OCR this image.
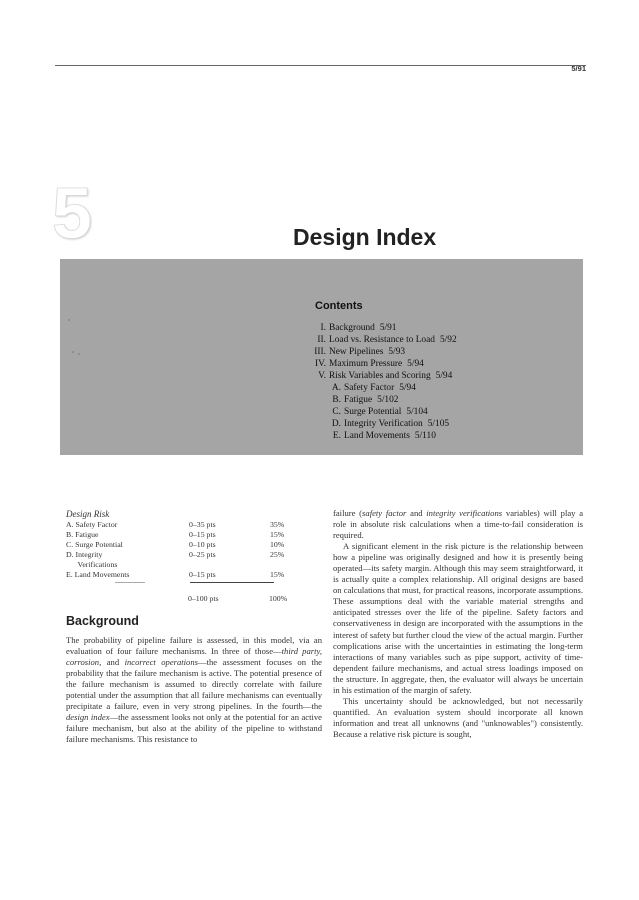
5/91
5	Design Index
Contents
I. Background 5/91
II. Load vs. Resistance to Load 5/92
III. New Pipelines 5/93
IV. Maximum Pressure 5/94
V. Risk Variables and Scoring 5/94
A. Safety Factor 5/94
B. Fatigue 5/102
C. Surge Potential 5/104
D. Integrity Verification 5/105
E. Land Movements 5/110
Design Risk
A. Safety Factor	0–35 pts	35%
B. Fatigue	0–15 pts	15%
C. Surge Potential	0–10 pts	10%
D. Integrity	0–25 pts	25%
Verifications
E. Land Movements	0–15 pts	15%
0–100 pts	100%
Background

The probability of pipeline failure is assessed, in this model, via an evaluation of four failure mechanisms. In three of those—third party, corrosion, and incorrect operations—the assessment focuses on the probability that the failure mechanism is active. The potential presence of the failure mechanism is assumed to directly correlate with failure potential under the assumption that all failure mechanisms can eventually precipitate a failure, even in very strong pipelines. In the fourth—the design index—the assessment looks not only at the potential for an active failure mechanism, but also at the ability of the pipeline to withstand failure mechanisms. This resistance to

failure (safety factor and integrity verifications variables) will play a role in absolute risk calculations when a time-to-fail consideration is required.

A significant element in the risk picture is the relationship between how a pipeline was originally designed and how it is presently being operated—its safety margin. Although this may seem straightforward, it is actually quite a complex relationship. All original designs are based on calculations that must, for practical reasons, incorporate assumptions. These assumptions deal with the variable material strengths and anticipated stresses over the life of the pipeline. Safety factors and conservativeness in design are incorporated with the assumptions in the interest of safety but further cloud the view of the actual margin. Further complications arise with the uncertainties in estimating the long-term interactions of many variables such as pipe support, activity of time-dependent failure mechanisms, and actual stress loadings imposed on the structure. In aggregate, then, the evaluator will always be uncertain in his estimation of the margin of safety.

This uncertainty should be acknowledged, but not necessarily quantified. An evaluation system should incorporate all known information and treat all unknowns (and "unknowables") consistently. Because a relative risk picture is sought,
